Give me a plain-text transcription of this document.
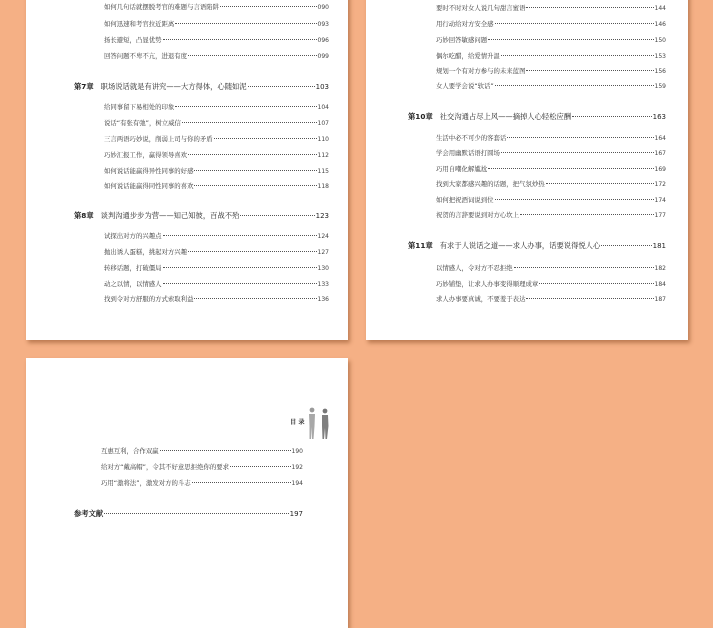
如何几句话就摆脱考官的难题与言语陷阱	090
如何迅速和考官拉近距离	093
扬长避短，凸显优势	096
回答问题不卑不亢，进退有度	099
第7章 职场说话就是有讲究——大方得体，心随如泥	103
给同事留下易相处的印象	104
说话“有张有弛”，树立威信	107
三言两语巧妙说，削弱上司与你的矛盾	110
巧妙汇报工作，赢得领导喜欢	112
如何说话能赢得异性同事的好感	115
如何说话能赢得同性同事的喜欢	118
第8章 谈判沟通步步为营——知己知彼，百战不殆	123
试探出对方的兴趣点	124
抛出诱人蛋糕，挑起对方兴趣	127
转移话题，打破僵局	130
动之以情，以情感人	133
找到令对方舒服的方式索取利益	136
要时不时对女人说几句甜言蜜语	144
用行动给对方安全感	146
巧妙回答敏感问题	150
偶尔吃醋，给爱情升温	153
规划一个有对方参与的未来蓝图	156
女人要学会说“软话”	159
第10章 社交沟通占尽上风——摘掉人心轻松应酬	163
生活中必不可少的客套话	164
学会用幽默话语打圆场	167
巧用自嘲化解尴尬	169
找到大家都感兴趣的话题，把气氛炒热	172
如何把祝酒词说到位	174
祝贺的言辞要说到对方心坎上	177
第11章 有求于人说话之道——求人办事，话要说得悦人心	181
以情感人，令对方不忍拒绝	182
巧妙铺垫，让求人办事变得顺理成章	184
求人办事要真诚，不要羞于表达	187
目 录
互惠互利，合作双赢	190
给对方“戴高帽”，令其不好意思拒绝你的要求	192
巧用“激将法”，激发对方的斗志	194
参考文献	197
